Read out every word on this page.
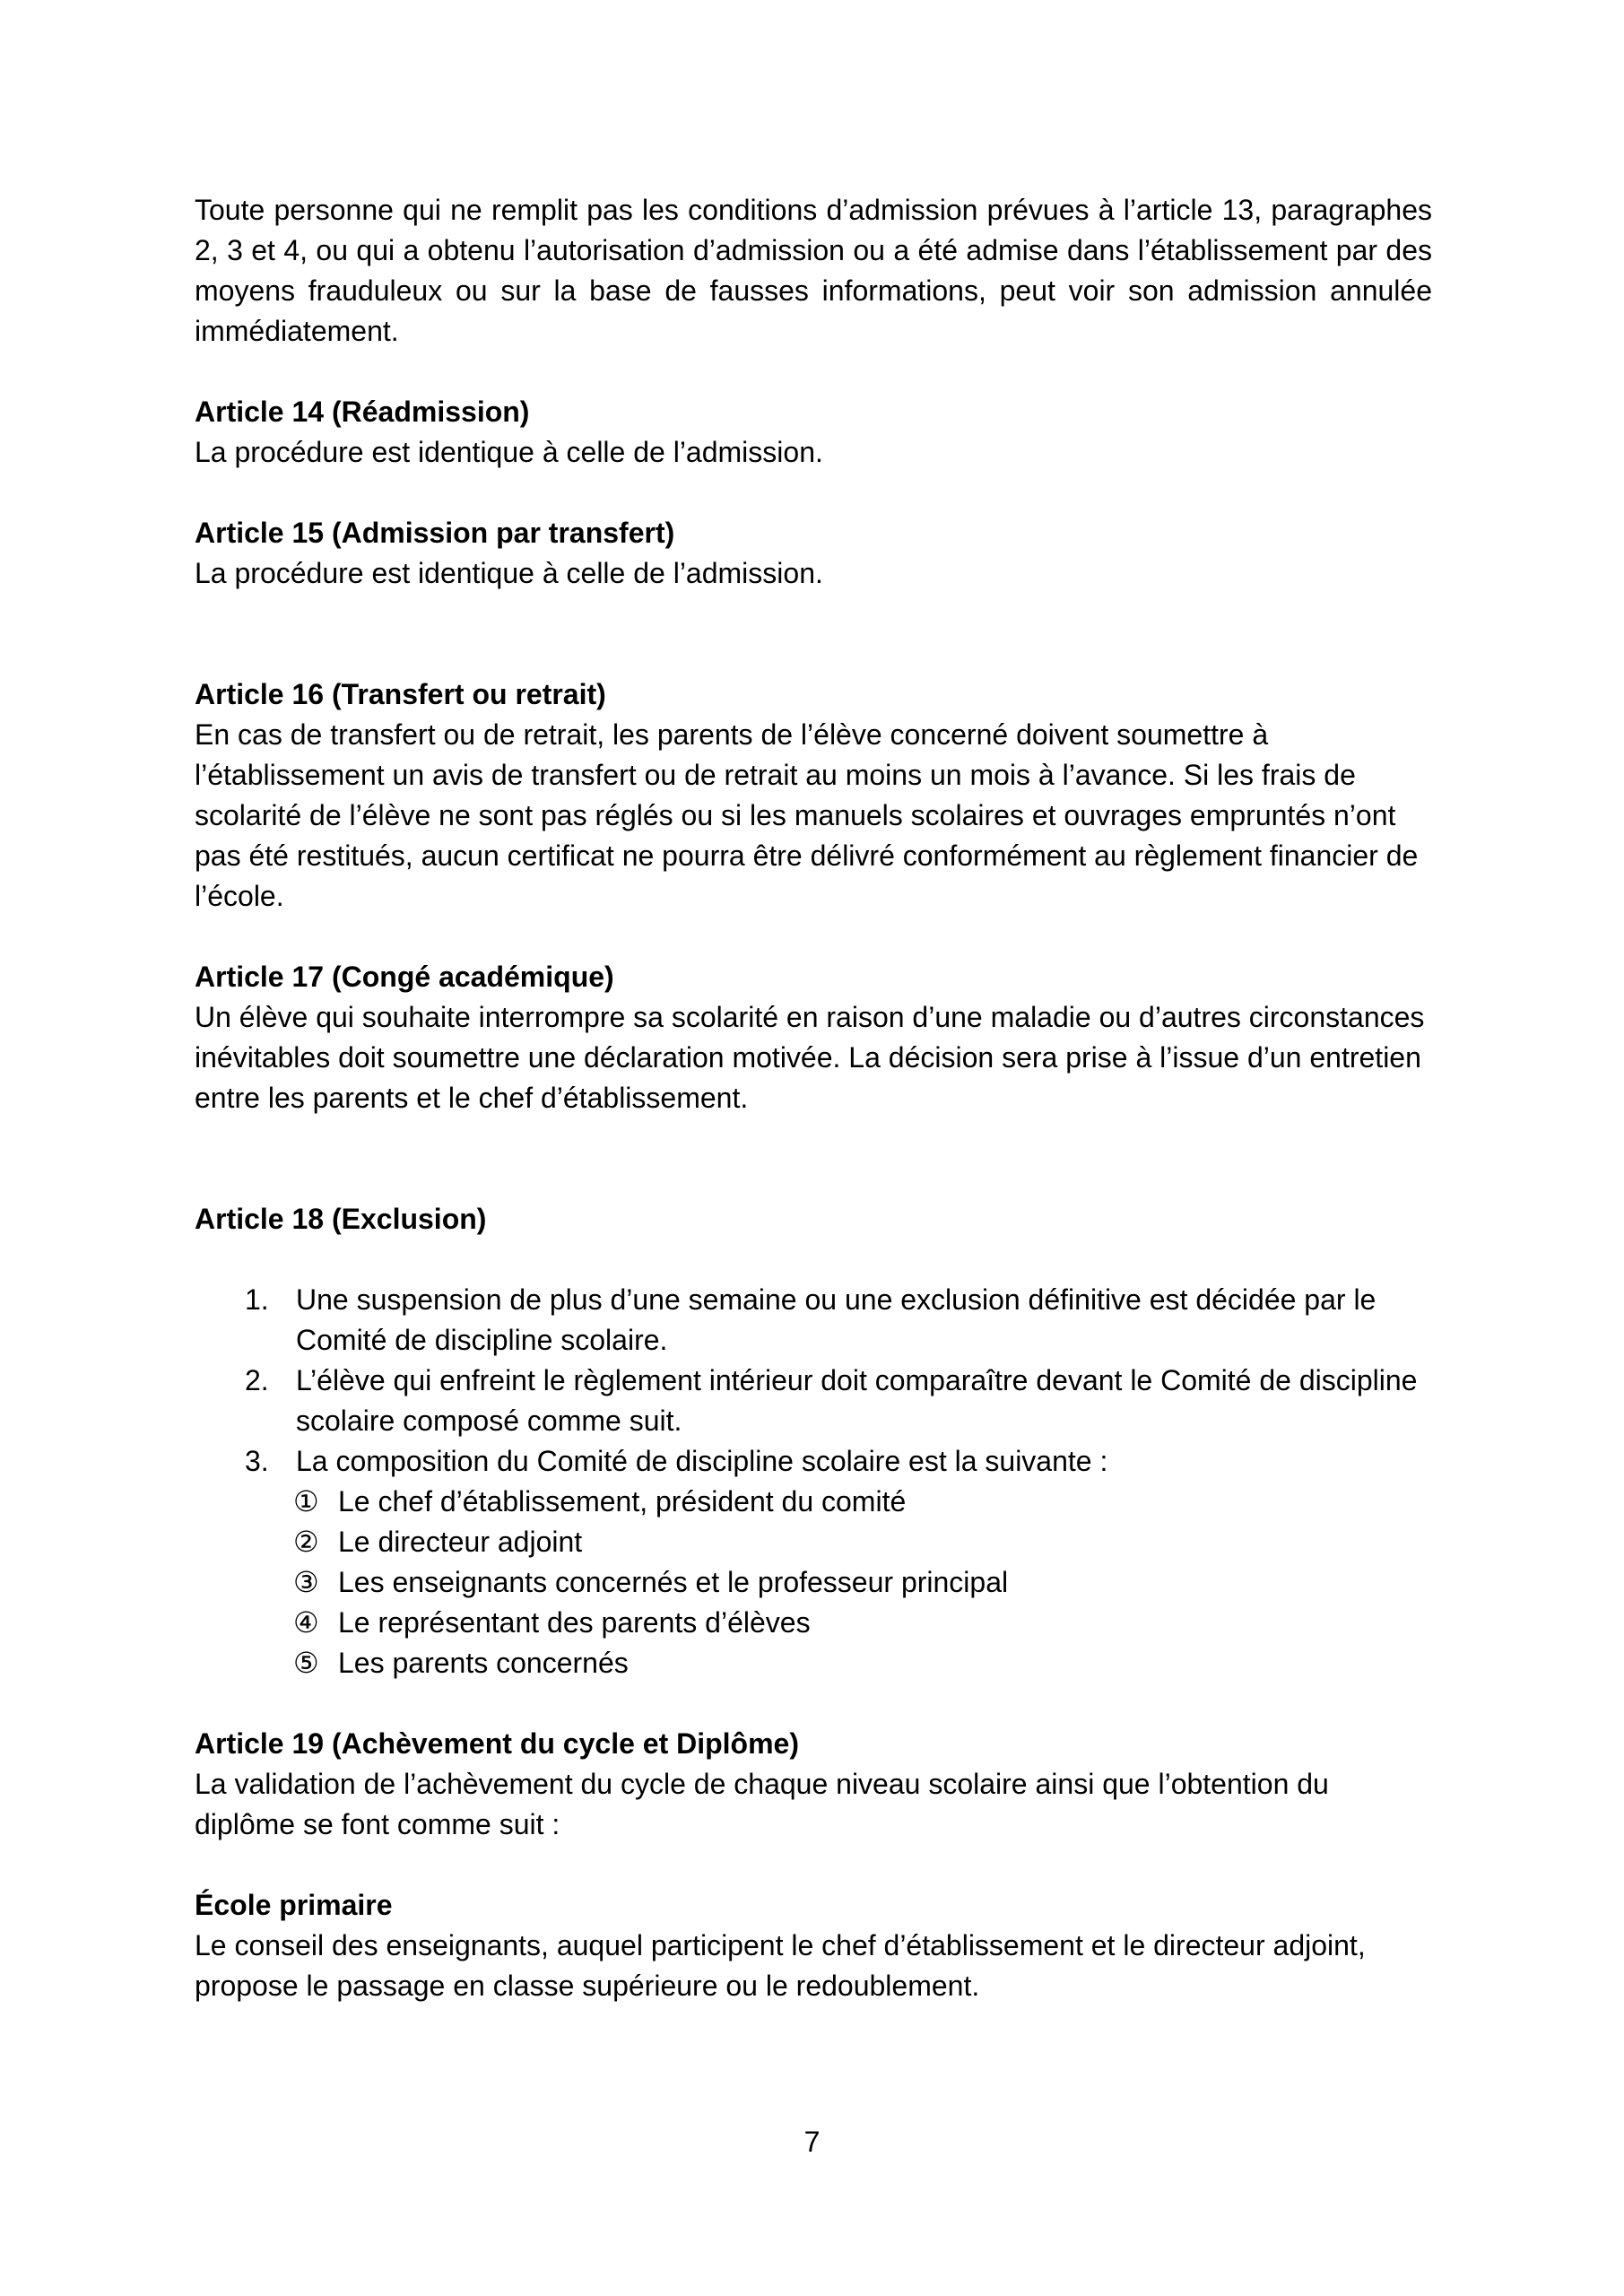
Toute personne qui ne remplit pas les conditions d’admission prévues à l’article 13, paragraphes 2, 3 et 4, ou qui a obtenu l’autorisation d’admission ou a été admise dans l’établissement par des moyens frauduleux ou sur la base de fausses informations, peut voir son admission annulée immédiatement.

Article 14 (Réadmission)

La procédure est identique à celle de l’admission.

Article 15 (Admission par transfert)

La procédure est identique à celle de l’admission.

Article 16 (Transfert ou retrait)

En cas de transfert ou de retrait, les parents de l’élève concerné doivent soumettre à l’établissement un avis de transfert ou de retrait au moins un mois à l’avance. Si les frais de scolarité de l’élève ne sont pas réglés ou si les manuels scolaires et ouvrages empruntés n’ont pas été restitués, aucun certificat ne pourra être délivré conformément au règlement financier de l’école.

Article 17 (Congé académique)

Un élève qui souhaite interrompre sa scolarité en raison d’une maladie ou d’autres circonstances inévitables doit soumettre une déclaration motivée. La décision sera prise à l’issue d’un entretien entre les parents et le chef d’établissement.

Article 18 (Exclusion)
1. Une suspension de plus d’une semaine ou une exclusion définitive est décidée par le Comité de discipline scolaire.
2. L’élève qui enfreint le règlement intérieur doit comparaître devant le Comité de discipline scolaire composé comme suit.
3. La composition du Comité de discipline scolaire est la suivante :
① Le chef d’établissement, président du comité
② Le directeur adjoint
③ Les enseignants concernés et le professeur principal
④ Le représentant des parents d’élèves
⑤ Les parents concernés
Article 19 (Achèvement du cycle et Diplôme)

La validation de l’achèvement du cycle de chaque niveau scolaire ainsi que l’obtention du diplôme se font comme suit :

École primaire

Le conseil des enseignants, auquel participent le chef d’établissement et le directeur adjoint, propose le passage en classe supérieure ou le redoublement.

7
